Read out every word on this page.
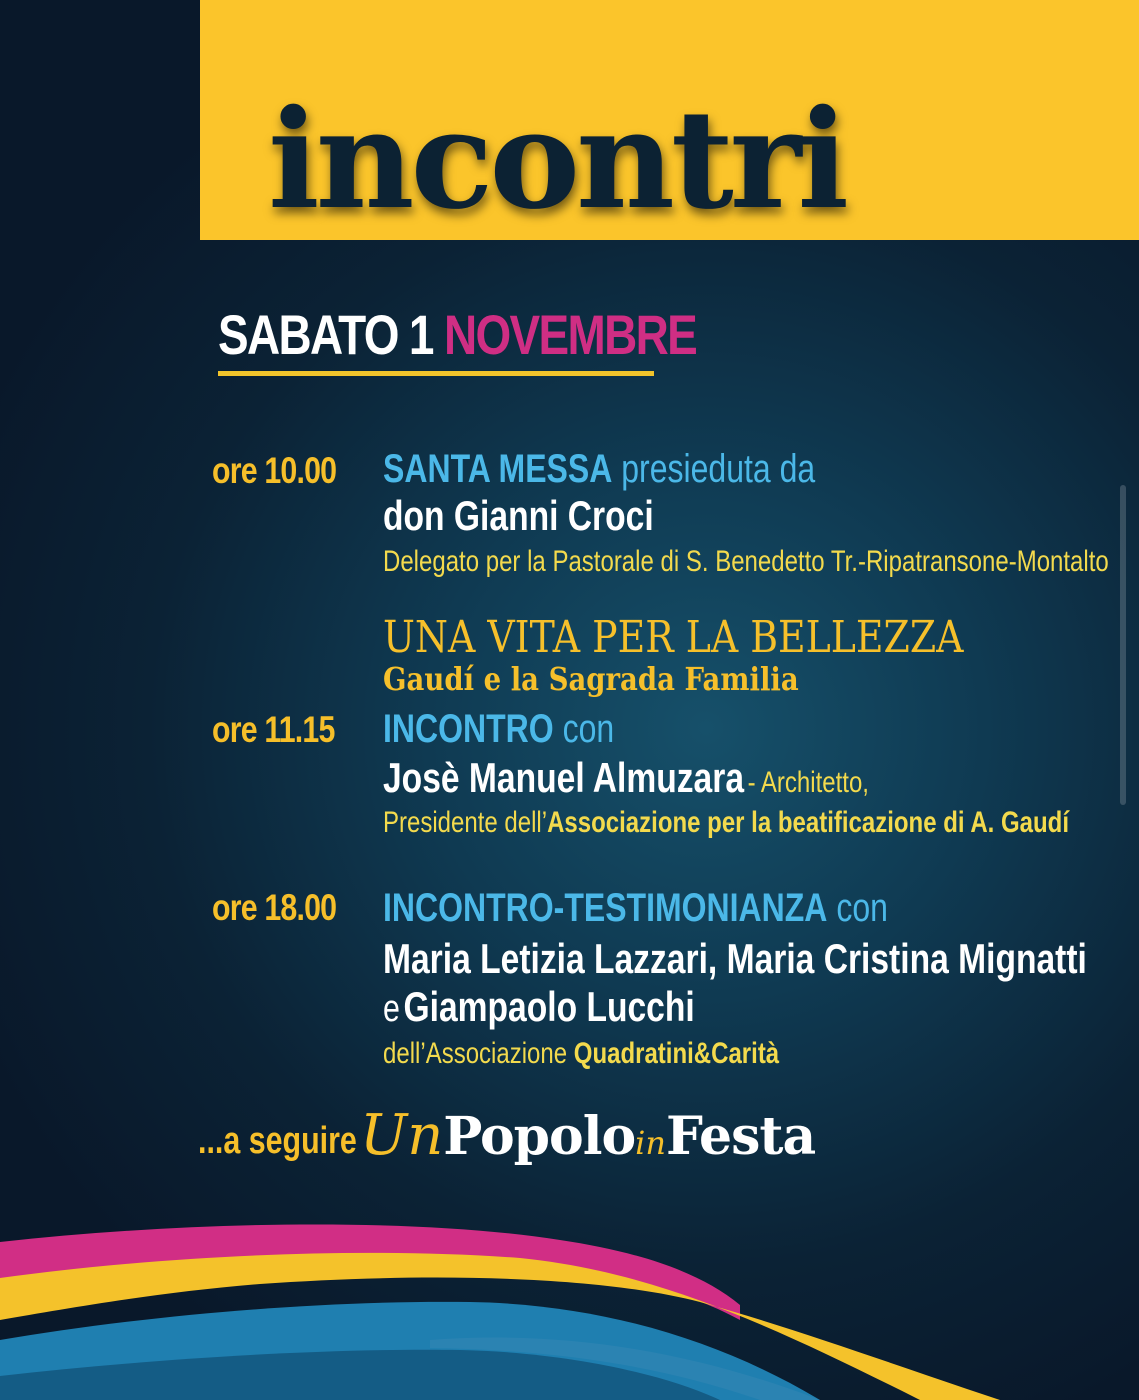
incontri
SABATO 1 NOVEMBRE
ore 10.00 SANTA MESSA presieduta da
don Gianni Croci
Delegato per la Pastorale di S. Benedetto Tr.-Ripatransone-Montalto
UNA VITA PER LA BELLEZZA
Gaudí e la Sagrada Familia
ore 11.15 INCONTRO con
Josè Manuel Almuzara - Architetto,
Presidente dell’Associazione per la beatificazione di A. Gaudí
ore 18.00 INCONTRO-TESTIMONIANZA con
Maria Letizia Lazzari, Maria Cristina Mignatti
e Giampaolo Lucchi
dell’Associazione Quadratini&Carità
...a seguire UnPopoloinFesta
